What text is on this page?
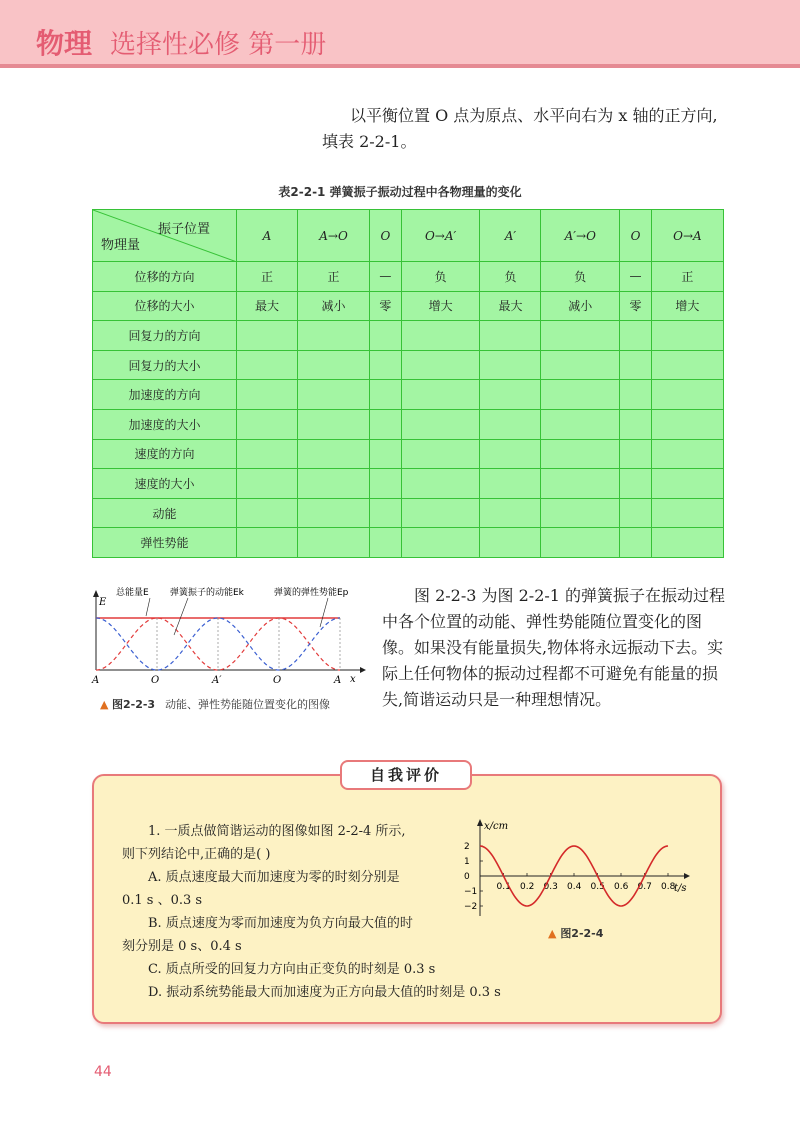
物理 选择性必修 第一册
以平衡位置 O 点为原点、水平向右为 x 轴的正方向,
填表 2-2-1。
表2-2-1 弹簧振子振动过程中各物理量的变化
振子位置
物理量	A	A→O	O	O→A′	A′	A′→O	O	O→A
位移的方向	正	正	—	负	负	负	—	正
位移的大小	最大	减小	零	增大	最大	减小	零	增大
回复力的方向								
回复力的大小								
加速度的方向								
加速度的大小								
速度的方向								
速度的大小								
动能								
弹性势能								
E
x
总能量E 弹簧振子的动能Ek	弹簧的弹性势能Ep
A	O	A′	O	A
▲ 图2-2-3 动能、弹性势能随位置变化的图像
图 2-2-3 为图 2-2-1 的弹簧振子在振动过程中各个位置的动能、弹性势能随位置变化的图像。 如果没有能量损失,物体将永远振动下去。实际上任何物体的振动过程都不可避免有能量的损失,简谐运动只是一种理想情况。
自我评价
1. 一质点做简谐运动的图像如图 2-2-4 所示,
则下列结论中,正确的是( )
A. 质点速度最大而加速度为零的时刻分别是
0.1 s 、0.3 s
B. 质点速度为零而加速度为负方向最大值的时
刻分别是 0 s、0.4 s
C. 质点所受的回复力方向由正变负的时刻是 0.3 s
D. 振动系统势能最大而加速度为正方向最大值的时刻是 0.3 s
x/cm
t/s
2
1
0
−1
−2
0.1 0.2 0.3 0.4 0.5 0.6 0.7 0.8
▲ 图2-2-4
44
